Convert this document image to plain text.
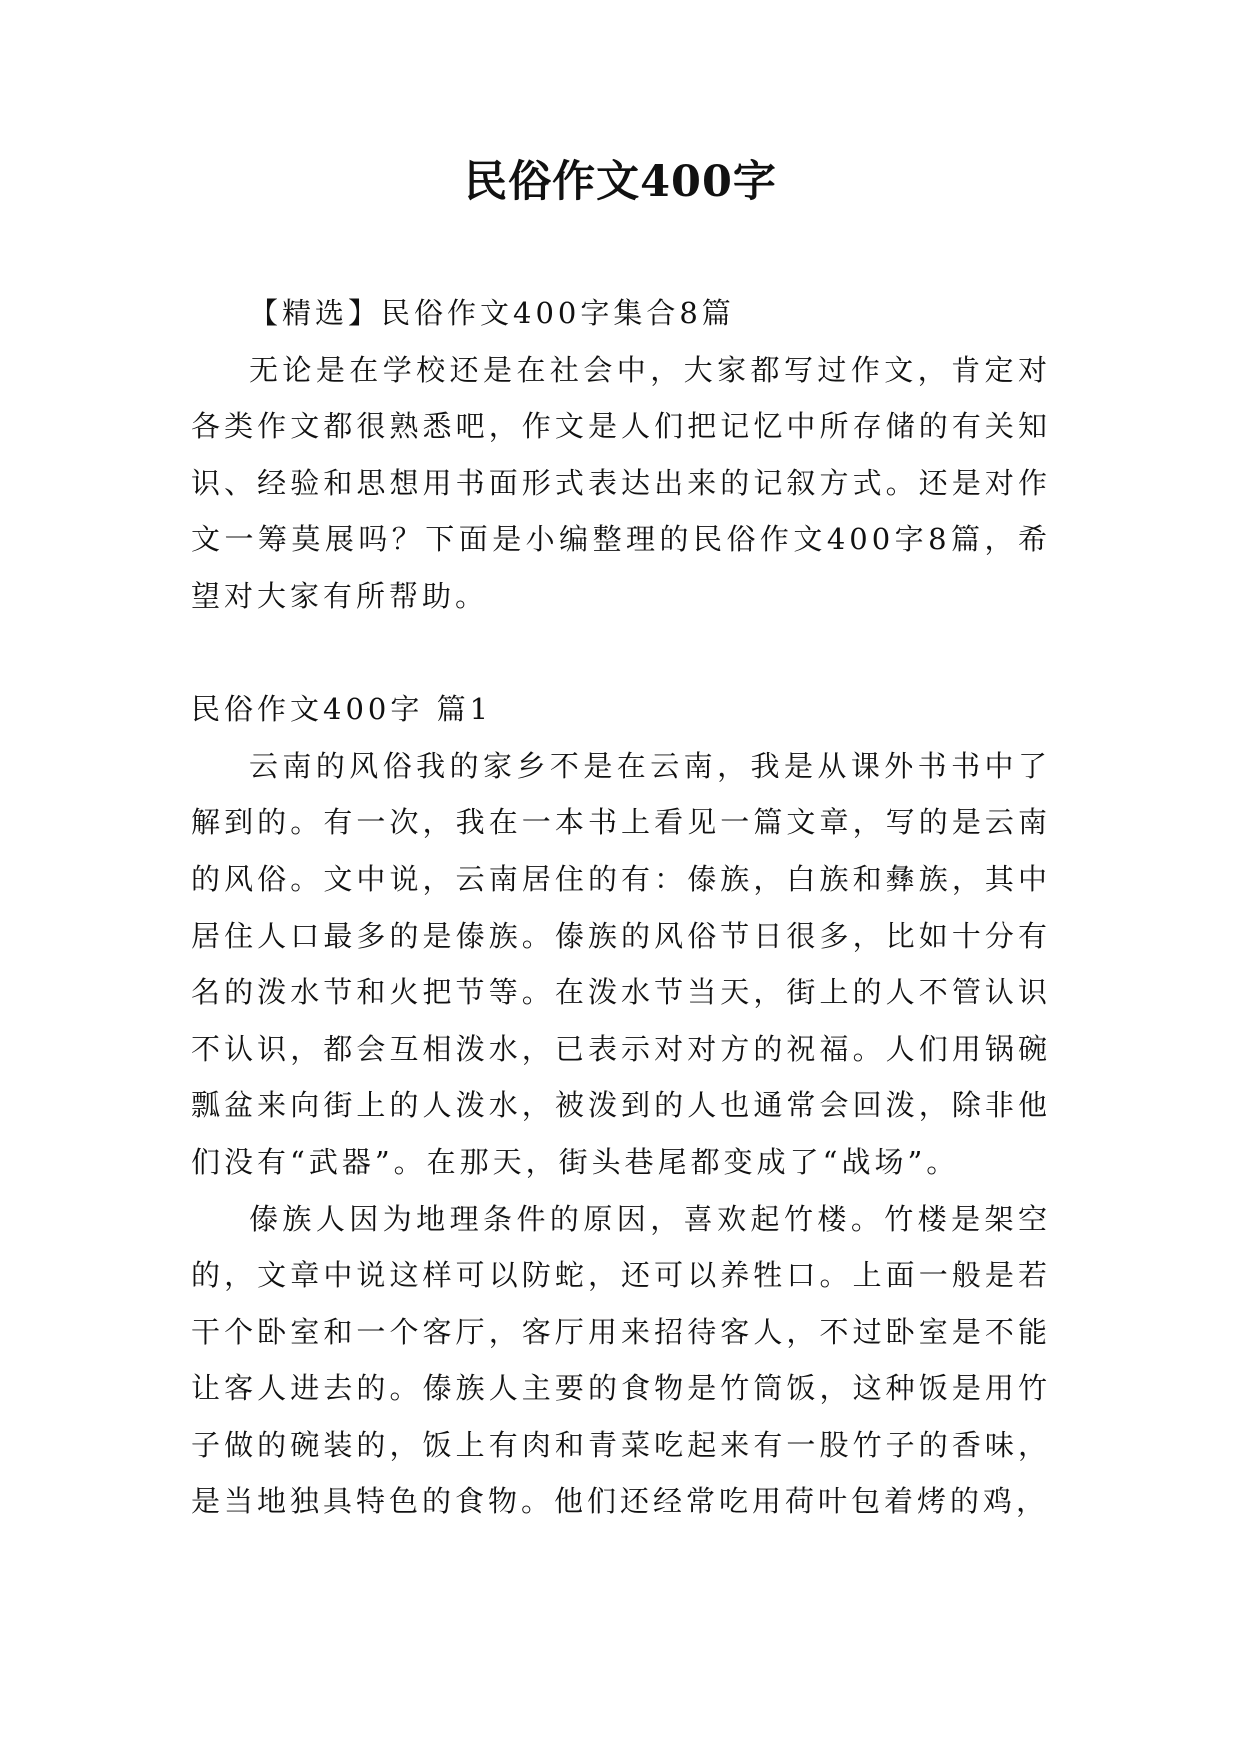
民俗作文400字

【精选】民俗作文400字集合8篇

无论是在学校还是在社会中，大家都写过作文，肯定对各类作文都很熟悉吧，作文是人们把记忆中所存储的有关知识、经验和思想用书面形式表达出来的记叙方式。还是对作文一筹莫展吗？下面是小编整理的民俗作文400字8篇，希望对大家有所帮助。

民俗作文400字 篇1

云南的风俗我的家乡不是在云南，我是从课外书书中了解到的。有一次，我在一本书上看见一篇文章，写的是云南的风俗。文中说，云南居住的有：傣族，白族和彝族，其中居住人口最多的是傣族。傣族的风俗节日很多，比如十分有名的泼水节和火把节等。在泼水节当天，街上的人不管认识不认识，都会互相泼水，已表示对对方的祝福。人们用锅碗瓢盆来向街上的人泼水，被泼到的人也通常会回泼，除非他们没有“武器”。在那天，街头巷尾都变成了“战场”。

傣族人因为地理条件的原因，喜欢起竹楼。竹楼是架空的，文章中说这样可以防蛇，还可以养牲口。上面一般是若干个卧室和一个客厅，客厅用来招待客人，不过卧室是不能让客人进去的。傣族人主要的食物是竹筒饭，这种饭是用竹子做的碗装的，饭上有肉和青菜吃起来有一股竹子的香味，是当地独具特色的食物。他们还经常吃用荷叶包着烤的鸡，
